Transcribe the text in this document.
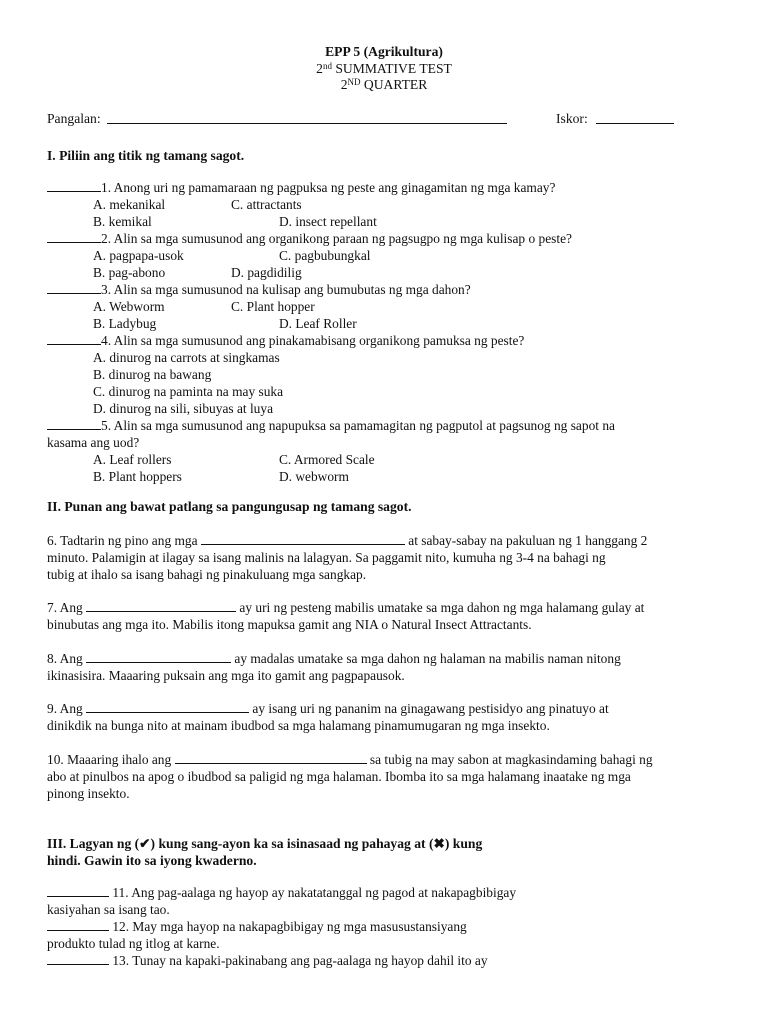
EPP 5 (Agrikultura)
2nd SUMMATIVE TEST
2ND QUARTER
Pangalan:	Iskor:
I. Piliin ang titik ng tamang sagot.
1. Anong uri ng pamamaraan ng pagpuksa ng peste ang ginagamitan ng mga kamay?
A. mekanikal	C. attractants
B. kemikal	D. insect repellant
2. Alin sa mga sumusunod ang organikong paraan ng pagsugpo ng mga kulisap o peste?
A. pagpapa-usok	C. pagbubungkal
B. pag-abono	D. pagdidilig
3. Alin sa mga sumusunod na kulisap ang bumubutas ng mga dahon?
A. Webworm	C. Plant hopper
B. Ladybug	D. Leaf Roller
4. Alin sa mga sumusunod ang pinakamabisang organikong pamuksa ng peste?
A. dinurog na carrots at singkamas
B. dinurog na bawang
C. dinurog na paminta na may suka
D. dinurog na sili, sibuyas at luya
5. Alin sa mga sumusunod ang napupuksa sa pamamagitan ng pagputol at pagsunog ng sapot na
kasama ang uod?
A. Leaf rollers	C. Armored Scale
B. Plant hoppers	D. webworm
II. Punan ang bawat patlang sa pangungusap ng tamang sagot.
6. Tadtarin ng pino ang mga	at sabay-sabay na pakuluan ng 1 hanggang 2
minuto. Palamigin at ilagay sa isang malinis na lalagyan. Sa paggamit nito, kumuha ng 3-4 na bahagi ng
tubig at ihalo sa isang bahagi ng pinakuluang mga sangkap.
7. Ang	ay uri ng pesteng mabilis umatake sa mga dahon ng mga halamang gulay at
binubutas ang mga ito. Mabilis itong mapuksa gamit ang NIA o Natural Insect Attractants.
8. Ang	ay madalas umatake sa mga dahon ng halaman na mabilis naman nitong
ikinasisira. Maaaring puksain ang mga ito gamit ang pagpapausok.
9. Ang	ay isang uri ng pananim na ginagawang pestisidyo ang pinatuyo at
dinikdik na bunga nito at mainam ibudbod sa mga halamang pinamumugaran ng mga insekto.
10. Maaaring ihalo ang	sa tubig na may sabon at magkasindaming bahagi ng
abo at pinulbos na apog o ibudbod sa paligid ng mga halaman. Ibomba ito sa mga halamang inaatake ng mga
pinong insekto.
III. Lagyan ng (✔) kung sang-ayon ka sa isinasaad ng pahayag at (✖) kung
hindi. Gawin ito sa iyong kwaderno.
11. Ang pag-aalaga ng hayop ay nakatatanggal ng pagod at nakapagbibigay
kasiyahan sa isang tao.
12. May mga hayop na nakapagbibigay ng mga masusustansiyang
produkto tulad ng itlog at karne.
13. Tunay na kapaki-pakinabang ang pag-aalaga ng hayop dahil ito ay
